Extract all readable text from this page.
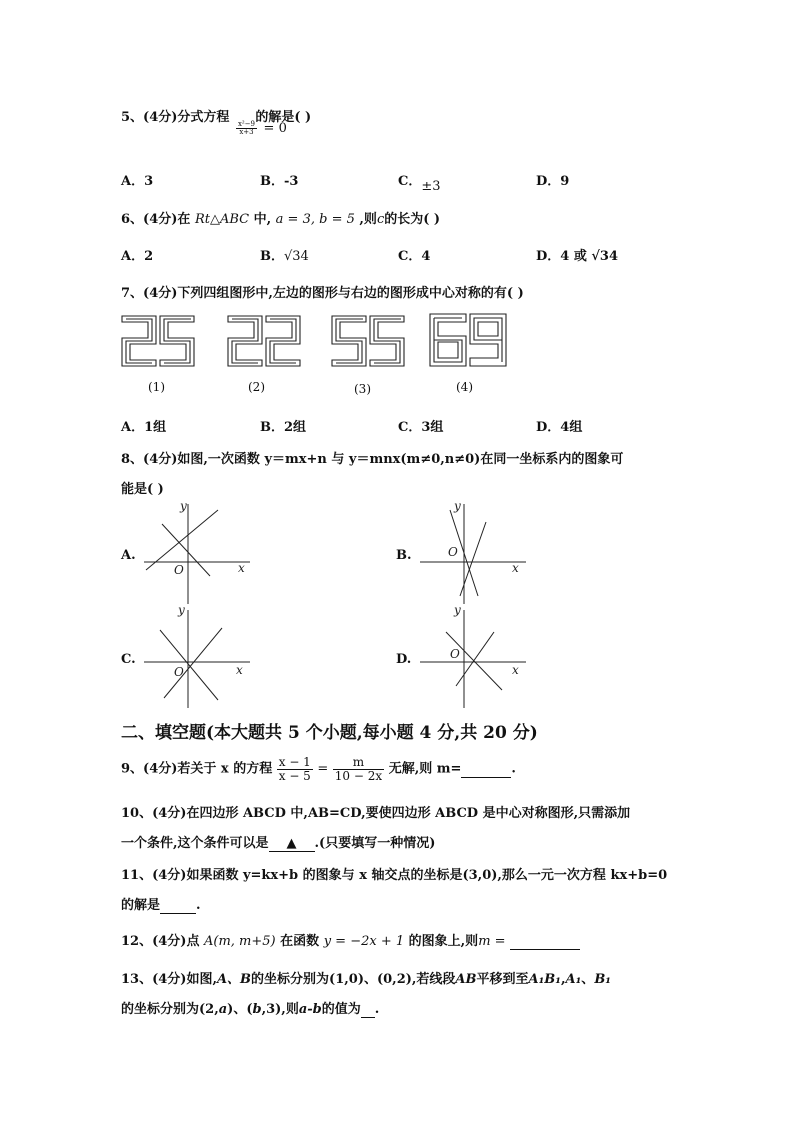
5、(4分)分式方程
$\frac{\text{x²−9}}{x+3} = 0$ 的解是( )
A．3	B．-3	C．±3	D．9
6、(4分)在 Rt△ABC 中, a = 3, b = 5 ,则c的长为( )
A．2	B．√34	C．4	D．4 或 √34
7、(4分)下列四组图形中,左边的图形与右边的图形成中心对称的有( )
(1)	(2)	(3)	(4)
A．1组	B．2组	C．3组	D．4组
8、(4分)如图,一次函数 y＝mx+n 与 y＝mnx(m≠0,n≠0)在同一坐标系内的图象可
能是( )
A.	B.
C.	D.
y
x
O
y
x
O
y
x
O
y
x
O
二、填空题(本大题共 5 个小题,每小题 4 分,共 20 分)
9、(4分)若关于 x 的方程 $\frac{x - 1}{x - 5} = \frac{m}{10 - 2x}$ 无解,则 m=	.
10、(4分)在四边形 ABCD 中,AB=CD,要使四边形 ABCD 是中心对称图形,只需添加
一个条件,这个条件可以是 ▲ .(只要填写一种情况)
11、(4分)如果函数 y=kx+b 的图象与 x 轴交点的坐标是(3,0),那么一元一次方程 kx+b=0
的解是	.
12、(4分)点 A(m, m+5) 在函数 y = −2x + 1 的图象上,则m =
13、(4分)如图,A、B的坐标分别为(1,0)、(0,2),若线段AB平移到至A₁B₁,A₁、B₁
的坐标分别为(2,a)、(b,3),则a-b的值为 .
